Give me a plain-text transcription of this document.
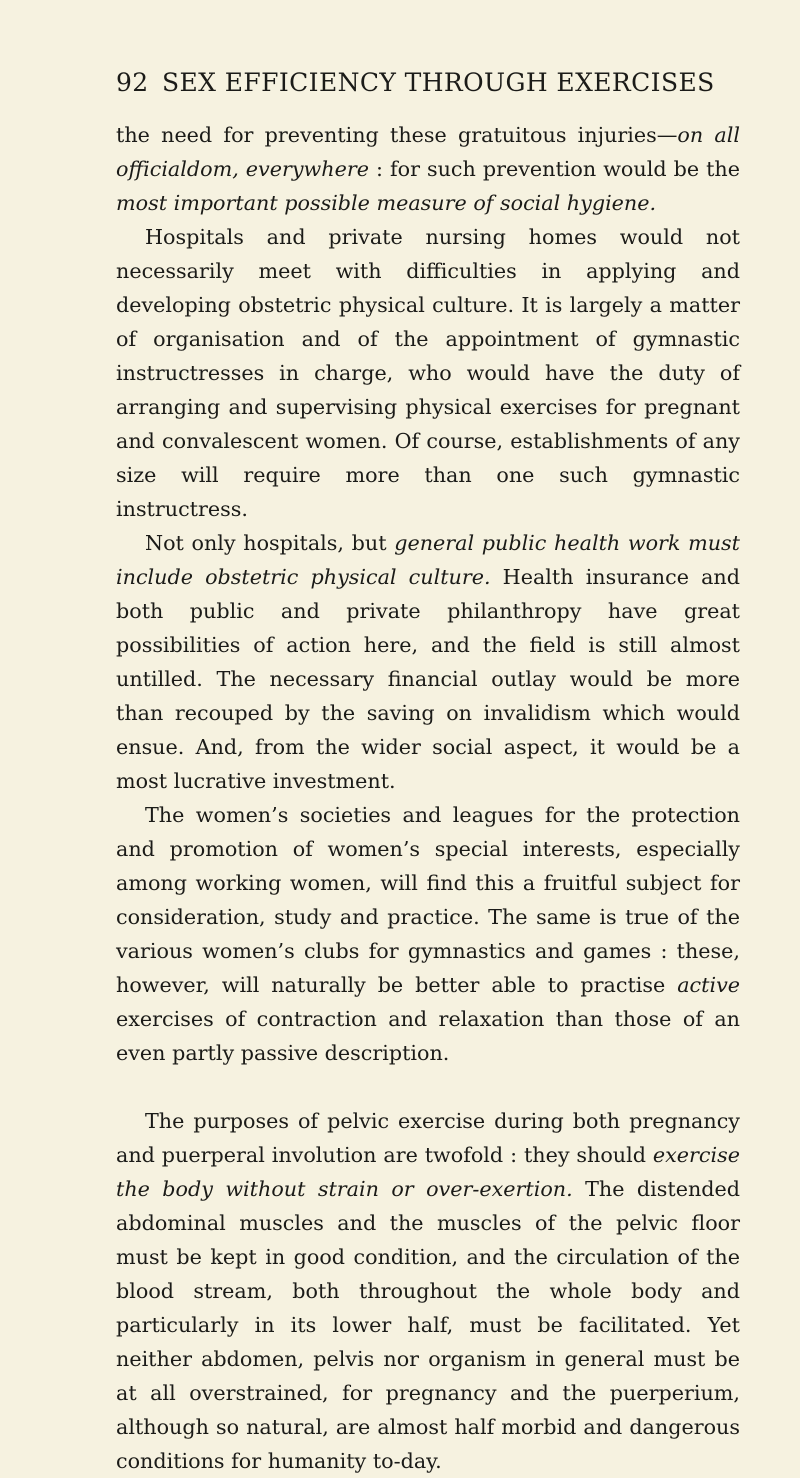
92 SEX EFFICIENCY THROUGH EXERCISES

the need for preventing these gratuitous injuries—on all officialdom, everywhere : for such prevention would be the most important possible measure of social hygiene.

Hospitals and private nursing homes would not necessarily meet with difficulties in applying and developing obstetric physical culture. It is largely a matter of organisation and of the appointment of gymnastic instructresses in charge, who would have the duty of arranging and supervising physical exercises for pregnant and convalescent women. Of course, establishments of any size will require more than one such gymnastic instructress.

Not only hospitals, but general public health work must include obstetric physical culture. Health insurance and both public and private philanthropy have great possibilities of action here, and the field is still almost untilled. The necessary financial outlay would be more than recouped by the saving on invalidism which would ensue. And, from the wider social aspect, it would be a most lucrative investment.

The women’s societies and leagues for the protection and promotion of women’s special interests, especially among working women, will find this a fruitful subject for consideration, study and practice. The same is true of the various women’s clubs for gymnastics and games : these, however, will naturally be better able to practise active exercises of contraction and relaxation than those of an even partly passive description.

The purposes of pelvic exercise during both pregnancy and puerperal involution are twofold : they should exercise the body without strain or over-exertion. The distended abdominal muscles and the muscles of the pelvic floor must be kept in good condition, and the circulation of the blood stream, both throughout the whole body and particularly in its lower half, must be facilitated. Yet neither abdomen, pelvis nor organism in general must be at all overstrained, for pregnancy and the puerperium, although so natural, are almost half morbid and dangerous conditions for humanity to-day.
